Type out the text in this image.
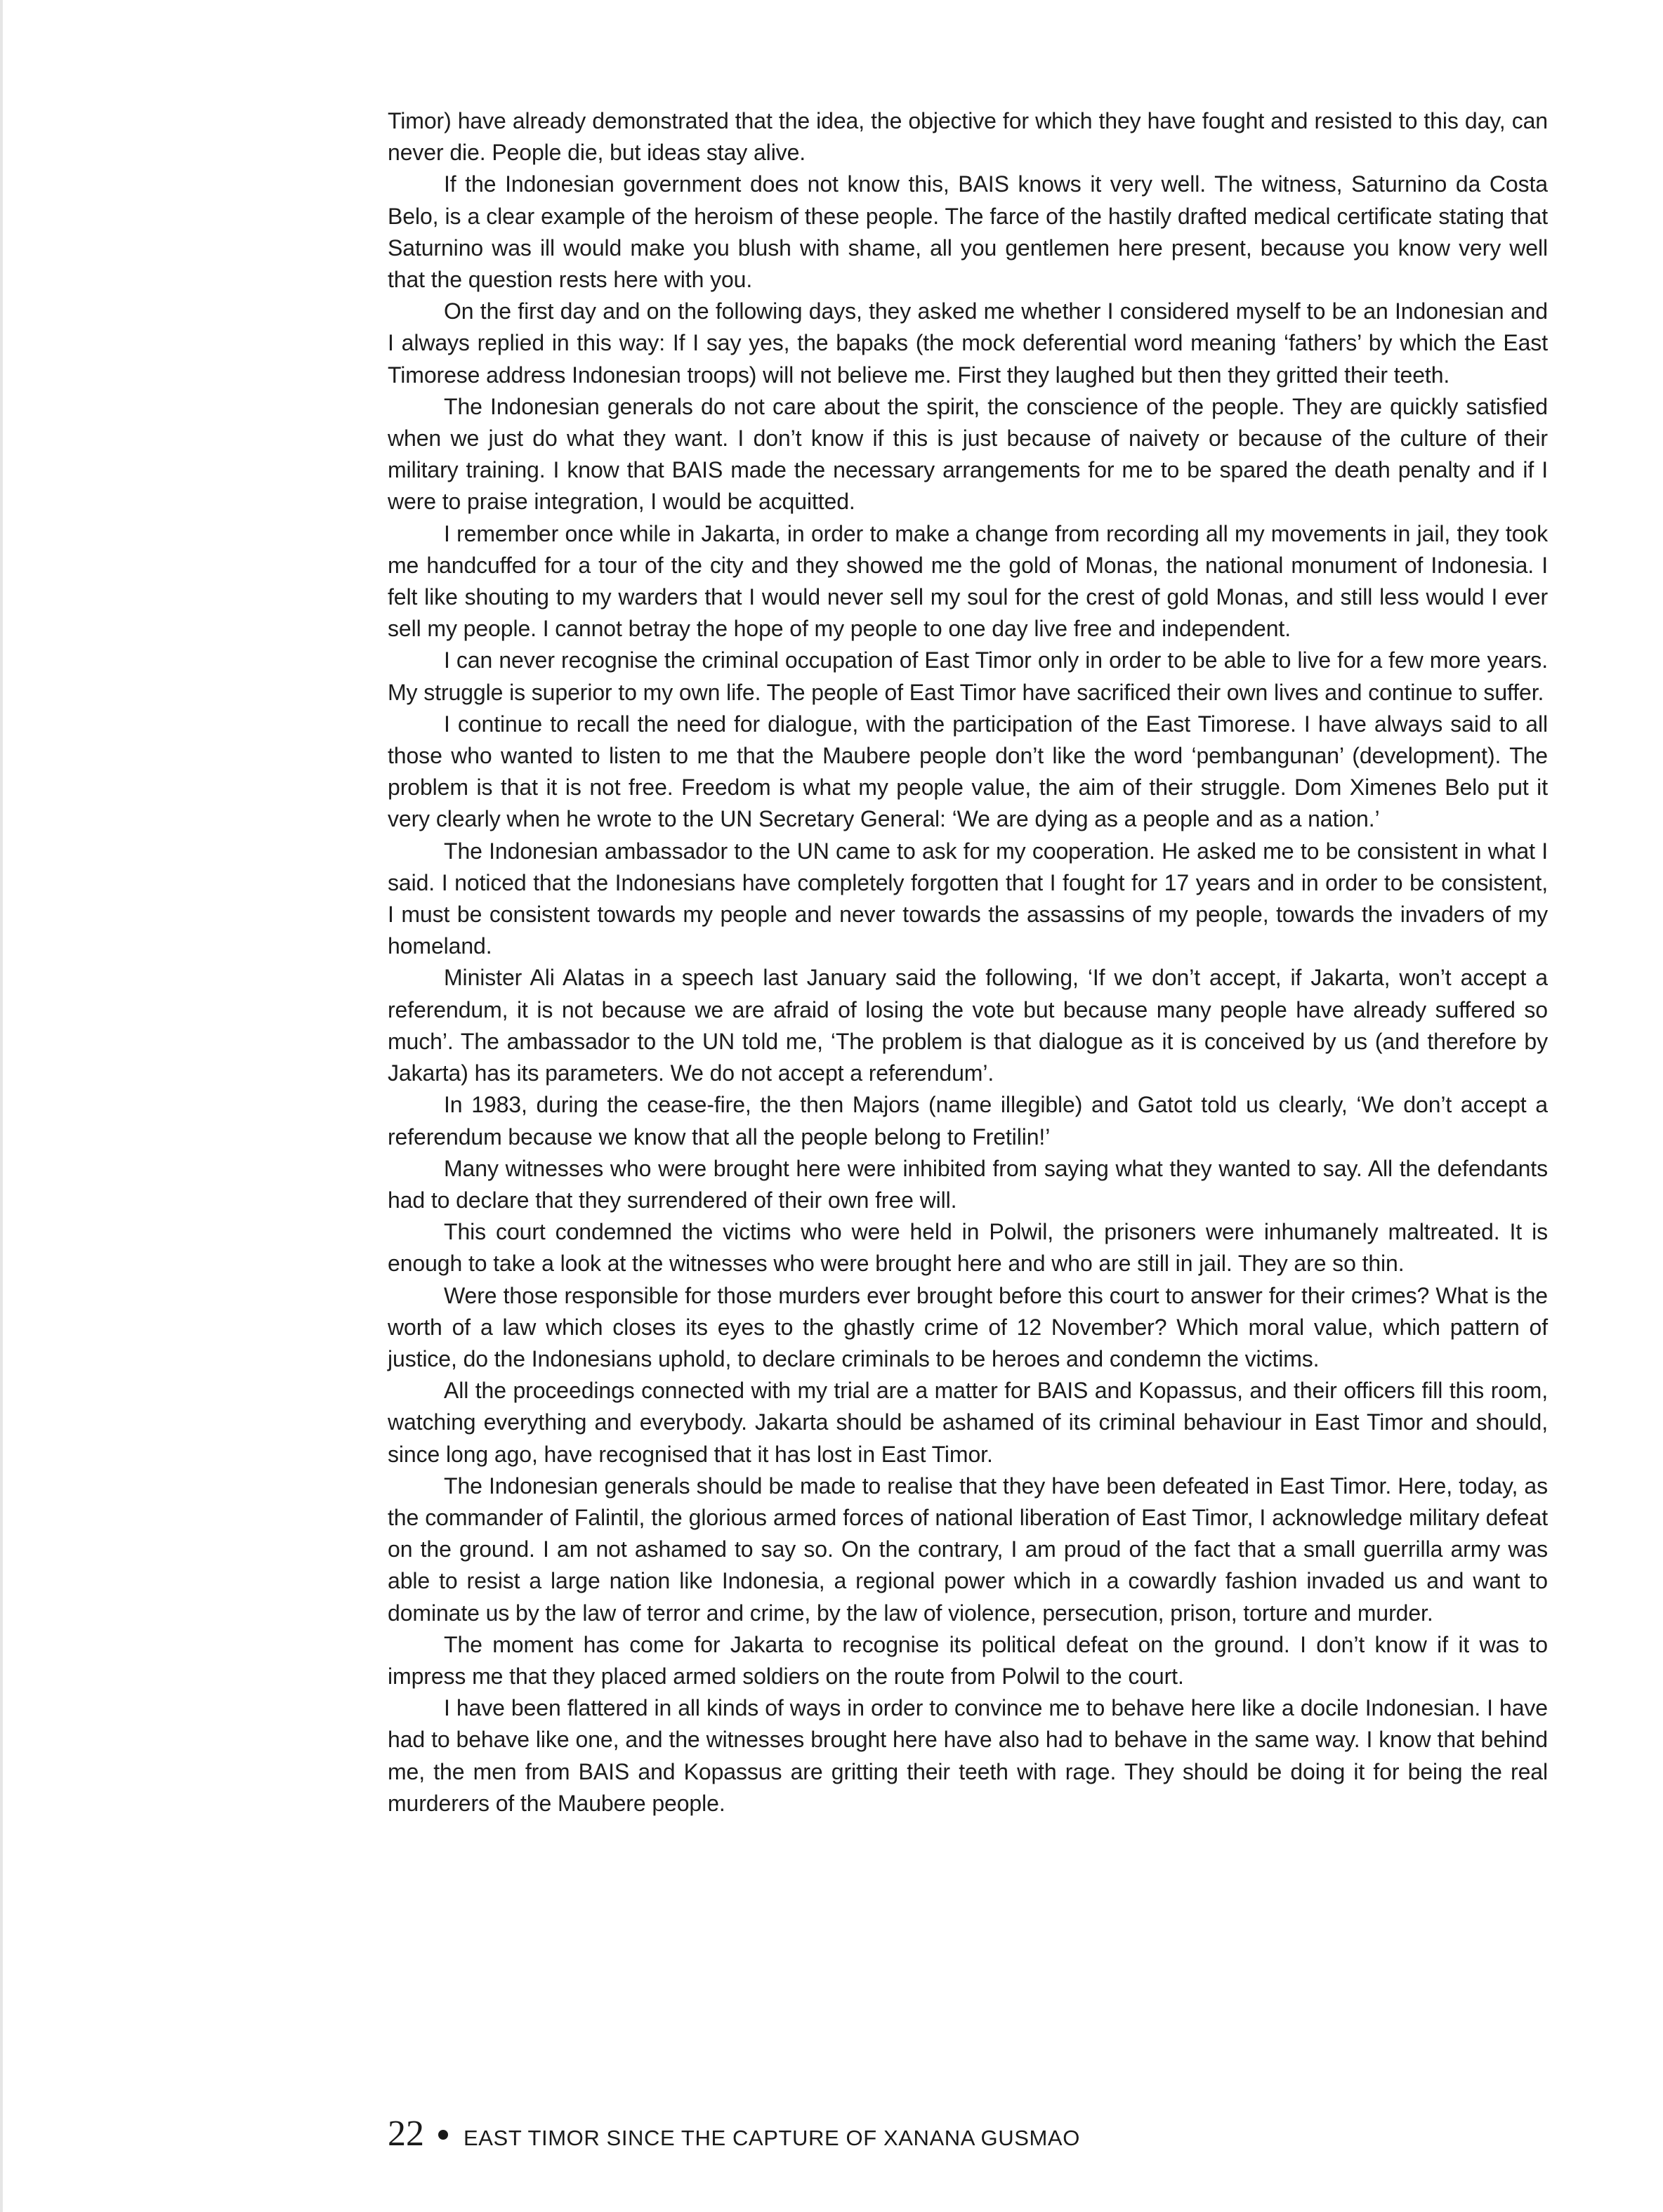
Timor) have already demonstrated that the idea, the objective for which they have fought and resisted to this day, can never die. People die, but ideas stay alive.

If the Indonesian government does not know this, BAIS knows it very well. The witness, Saturnino da Costa Belo, is a clear example of the heroism of these people. The farce of the hastily drafted medical certificate stating that Saturnino was ill would make you blush with shame, all you gentlemen here present, because you know very well that the question rests here with you.

On the first day and on the following days, they asked me whether I considered myself to be an Indonesian and I always replied in this way: If I say yes, the bapaks (the mock deferential word meaning ‘fathers’ by which the East Timorese address Indonesian troops) will not believe me. First they laughed but then they gritted their teeth.

The Indonesian generals do not care about the spirit, the conscience of the people. They are quickly satisfied when we just do what they want. I don’t know if this is just because of naivety or because of the culture of their military training. I know that BAIS made the necessary arrangements for me to be spared the death penalty and if I were to praise integration, I would be acquitted.

I remember once while in Jakarta, in order to make a change from recording all my movements in jail, they took me handcuffed for a tour of the city and they showed me the gold of Monas, the national monument of Indonesia. I felt like shouting to my warders that I would never sell my soul for the crest of gold Monas, and still less would I ever sell my people. I cannot betray the hope of my people to one day live free and independent.

I can never recognise the criminal occupation of East Timor only in order to be able to live for a few more years. My struggle is superior to my own life. The people of East Timor have sacrificed their own lives and continue to suffer.

I continue to recall the need for dialogue, with the participation of the East Timorese. I have always said to all those who wanted to listen to me that the Maubere people don’t like the word ‘pembangunan’ (development). The problem is that it is not free. Freedom is what my people value, the aim of their struggle. Dom Ximenes Belo put it very clearly when he wrote to the UN Secretary General: ‘We are dying as a people and as a nation.’

The Indonesian ambassador to the UN came to ask for my cooperation. He asked me to be consistent in what I said. I noticed that the Indonesians have completely forgotten that I fought for 17 years and in order to be consistent, I must be consistent towards my people and never towards the assassins of my people, towards the invaders of my homeland.

Minister Ali Alatas in a speech last January said the following, ‘If we don’t accept, if Jakarta, won’t accept a referendum, it is not because we are afraid of losing the vote but because many people have already suffered so much’. The ambassador to the UN told me, ‘The problem is that dialogue as it is conceived by us (and therefore by Jakarta) has its parameters. We do not accept a referendum’.

In 1983, during the cease-fire, the then Majors (name illegible) and Gatot told us clearly, ‘We don’t accept a referendum because we know that all the people belong to Fretilin!’

Many witnesses who were brought here were inhibited from saying what they wanted to say. All the defendants had to declare that they surrendered of their own free will.

This court condemned the victims who were held in Polwil, the prisoners were inhumanely maltreated. It is enough to take a look at the witnesses who were brought here and who are still in jail. They are so thin.

Were those responsible for those murders ever brought before this court to answer for their crimes? What is the worth of a law which closes its eyes to the ghastly crime of 12 November? Which moral value, which pattern of justice, do the Indonesians uphold, to declare criminals to be heroes and condemn the victims.

All the proceedings connected with my trial are a matter for BAIS and Kopassus, and their officers fill this room, watching everything and everybody. Jakarta should be ashamed of its criminal behaviour in East Timor and should, since long ago, have recognised that it has lost in East Timor.

The Indonesian generals should be made to realise that they have been defeated in East Timor. Here, today, as the commander of Falintil, the glorious armed forces of national liberation of East Timor, I acknowledge military defeat on the ground. I am not ashamed to say so. On the contrary, I am proud of the fact that a small guerrilla army was able to resist a large nation like Indonesia, a regional power which in a cowardly fashion invaded us and want to dominate us by the law of terror and crime, by the law of violence, persecution, prison, torture and murder.

The moment has come for Jakarta to recognise its political defeat on the ground. I don’t know if it was to impress me that they placed armed soldiers on the route from Polwil to the court.

I have been flattered in all kinds of ways in order to convince me to behave here like a docile Indonesian. I have had to behave like one, and the witnesses brought here have also had to behave in the same way. I know that behind me, the men from BAIS and Kopassus are gritting their teeth with rage. They should be doing it for being the real murderers of the Maubere people.

22 EAST TIMOR SINCE THE CAPTURE OF XANANA GUSMAO
